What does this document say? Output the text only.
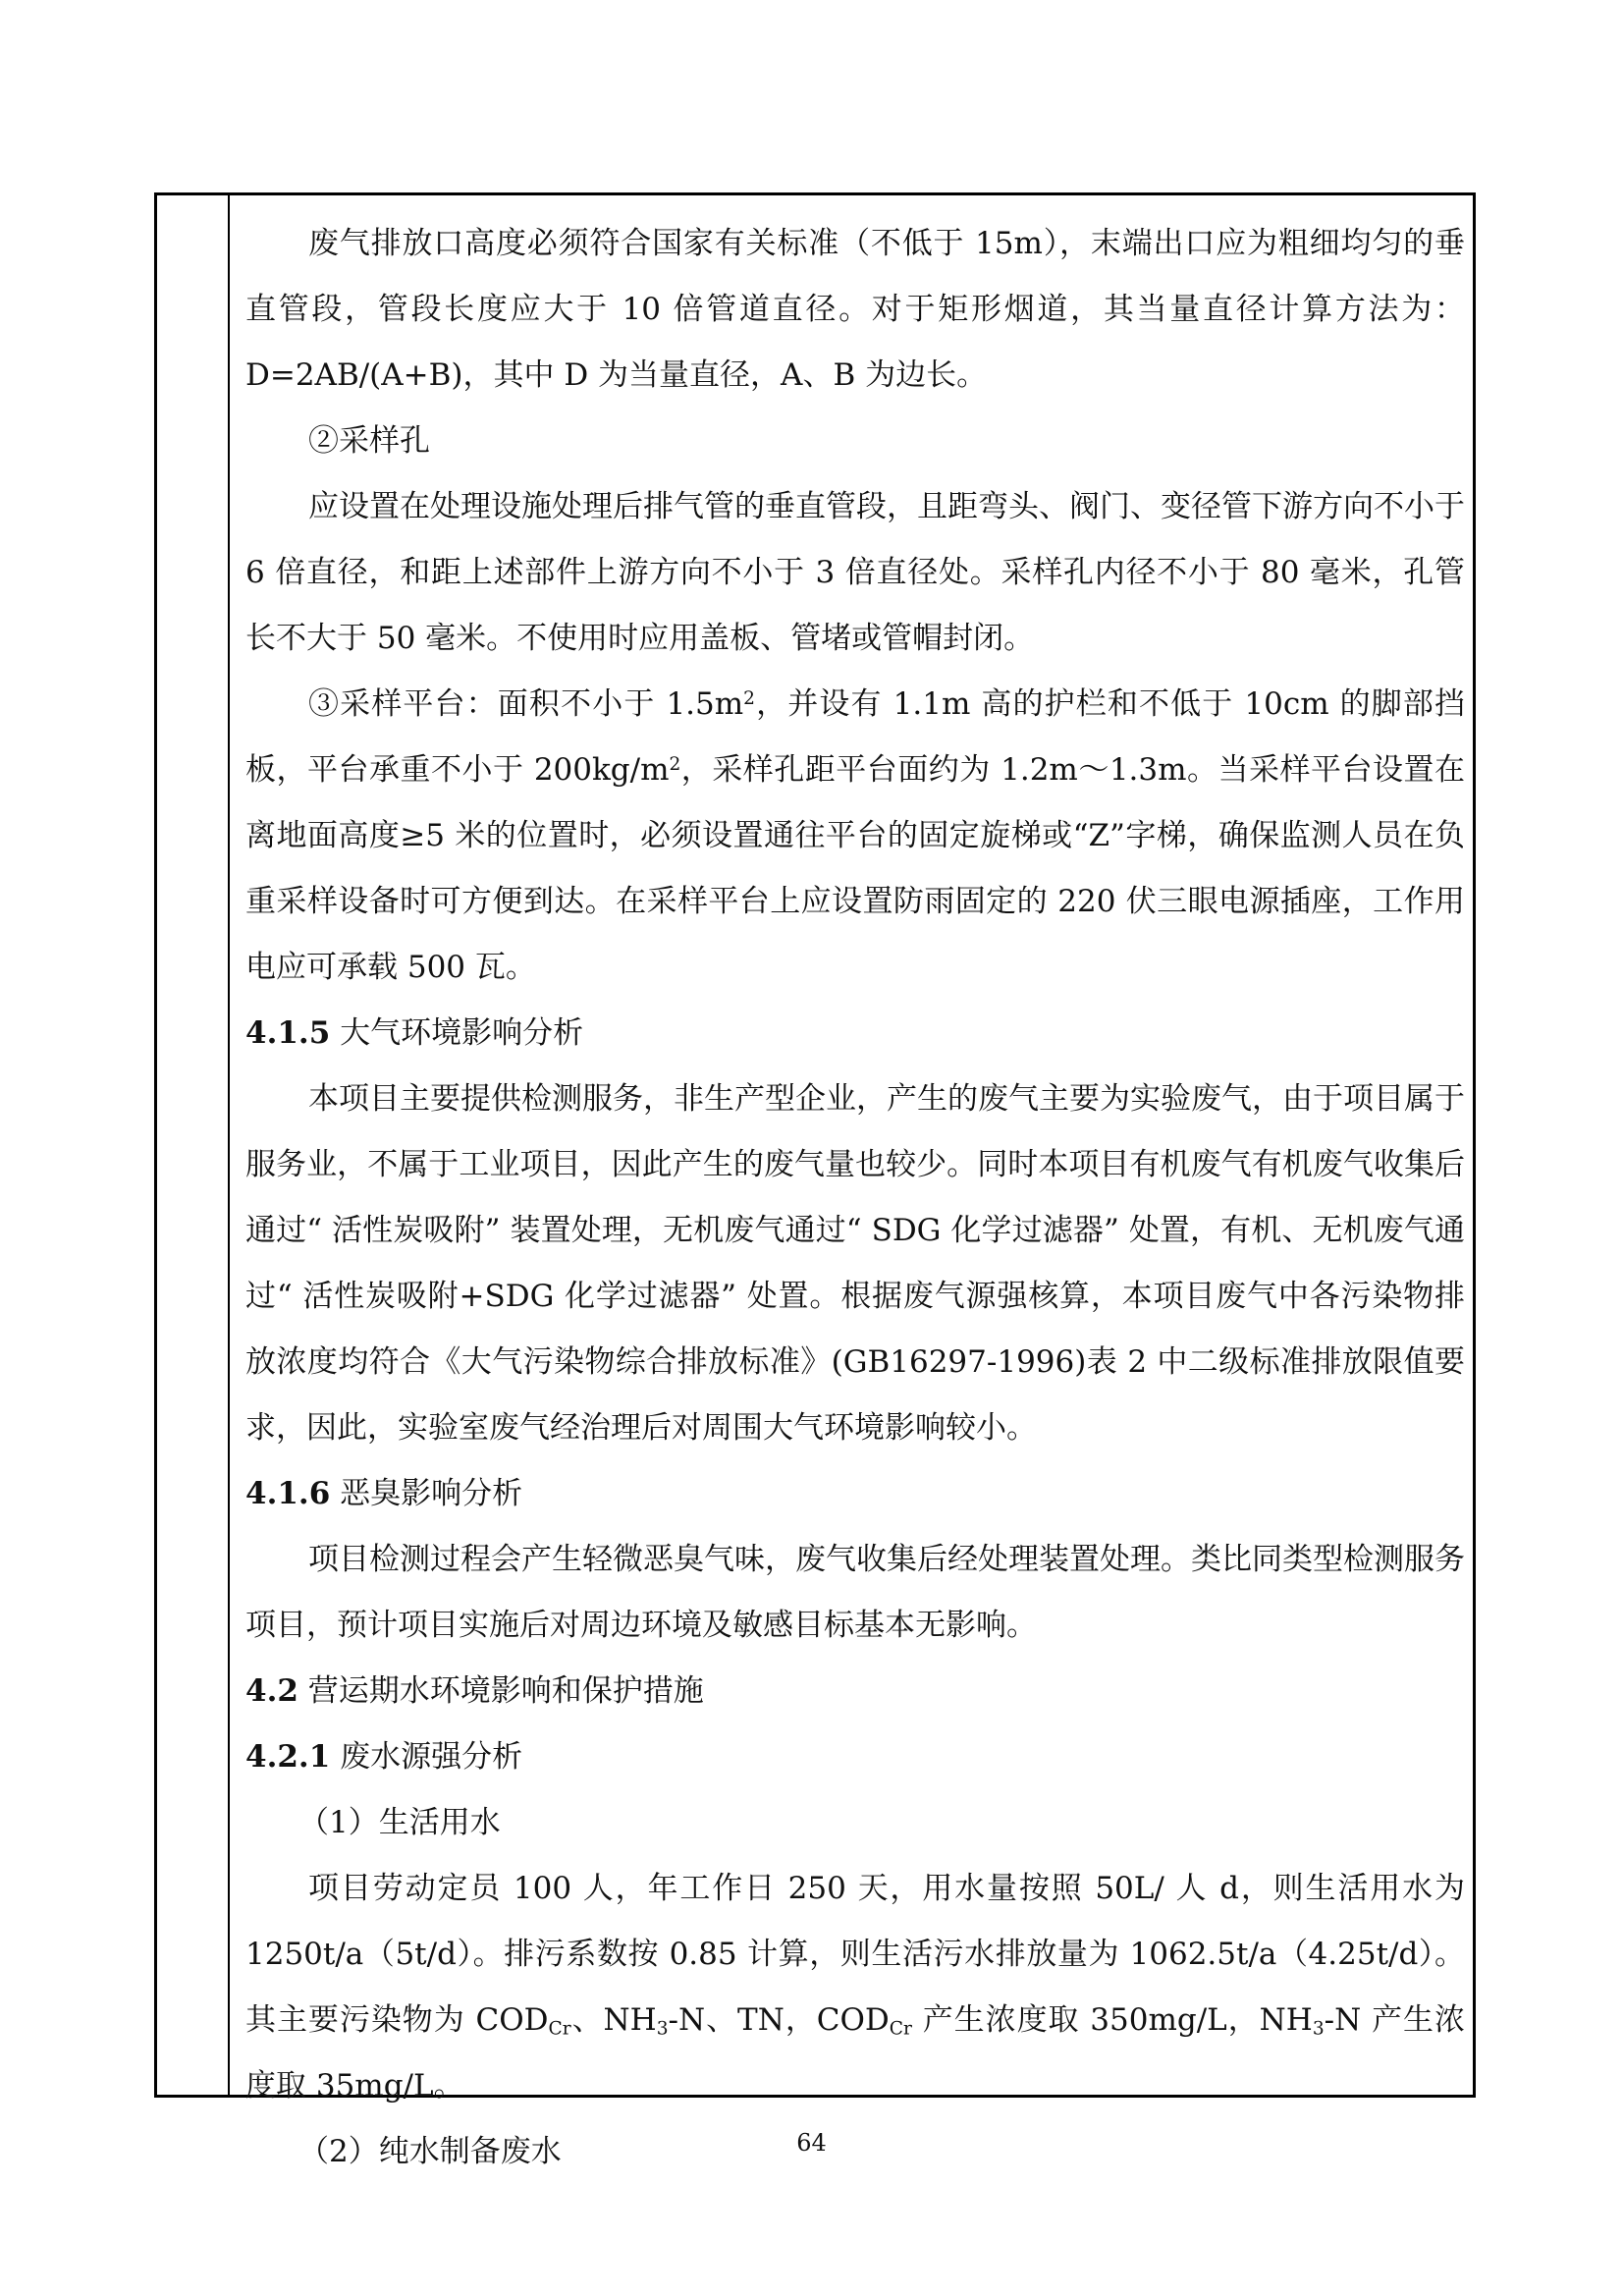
废气排放口高度必须符合国家有关标准（不低于 15m），末端出口应为粗细均匀的垂直管段，管段长度应大于 10 倍管道直径。对于矩形烟道，其当量直径计算方法为：D=2AB/(A+B)，其中 D 为当量直径，A、B 为边长。

②采样孔

应设置在处理设施处理后排气管的垂直管段，且距弯头、阀门、变径管下游方向不小于 6 倍直径，和距上述部件上游方向不小于 3 倍直径处。采样孔内径不小于 80 毫米，孔管长不大于 50 毫米。不使用时应用盖板、管堵或管帽封闭。

③采样平台：面积不小于 $1.5m^2$，并设有 1.1m 高的护栏和不低于 10cm 的脚部挡板，平台承重不小于 $200kg/m^2$，采样孔距平台面约为 1.2m～1.3m。当采样平台设置在离地面高度≥5 米的位置时，必须设置通往平台的固定旋梯或“Z”字梯，确保监测人员在负重采样设备时可方便到达。在采样平台上应设置防雨固定的 220 伏三眼电源插座，工作用电应可承载 500 瓦。

4.1.5 大气环境影响分析

本项目主要提供检测服务，非生产型企业，产生的废气主要为实验废气，由于项目属于服务业，不属于工业项目，因此产生的废气量也较少。同时本项目有机废气有机废气收集后通过“ 活性炭吸附” 装置处理，无机废气通过“ SDG 化学过滤器” 处置，有机、无机废气通过“ 活性炭吸附+SDG 化学过滤器” 处置。根据废气源强核算，本项目废气中各污染物排放浓度均符合《大气污染物综合排放标准》(GB16297-1996)表 2 中二级标准排放限值要求，因此，实验室废气经治理后对周围大气环境影响较小。

4.1.6 恶臭影响分析

项目检测过程会产生轻微恶臭气味，废气收集后经处理装置处理。类比同类型检测服务项目，预计项目实施后对周边环境及敏感目标基本无影响。

4.2 营运期水环境影响和保护措施

4.2.1 废水源强分析

（1）生活用水

项目劳动定员 100 人，年工作日 250 天，用水量按照 50L/ 人 d，则生活用水为 1250t/a（5t/d）。排污系数按 0.85 计算，则生活污水排放量为 1062.5t/a（4.25t/d）。其主要污染物为 $COD_{Cr}$、$NH_3-N$、TN，$COD_{Cr}$ 产生浓度取 350mg/L，$NH_3-N$ 产生浓度取 35mg/L。

（2）纯水制备废水	64
